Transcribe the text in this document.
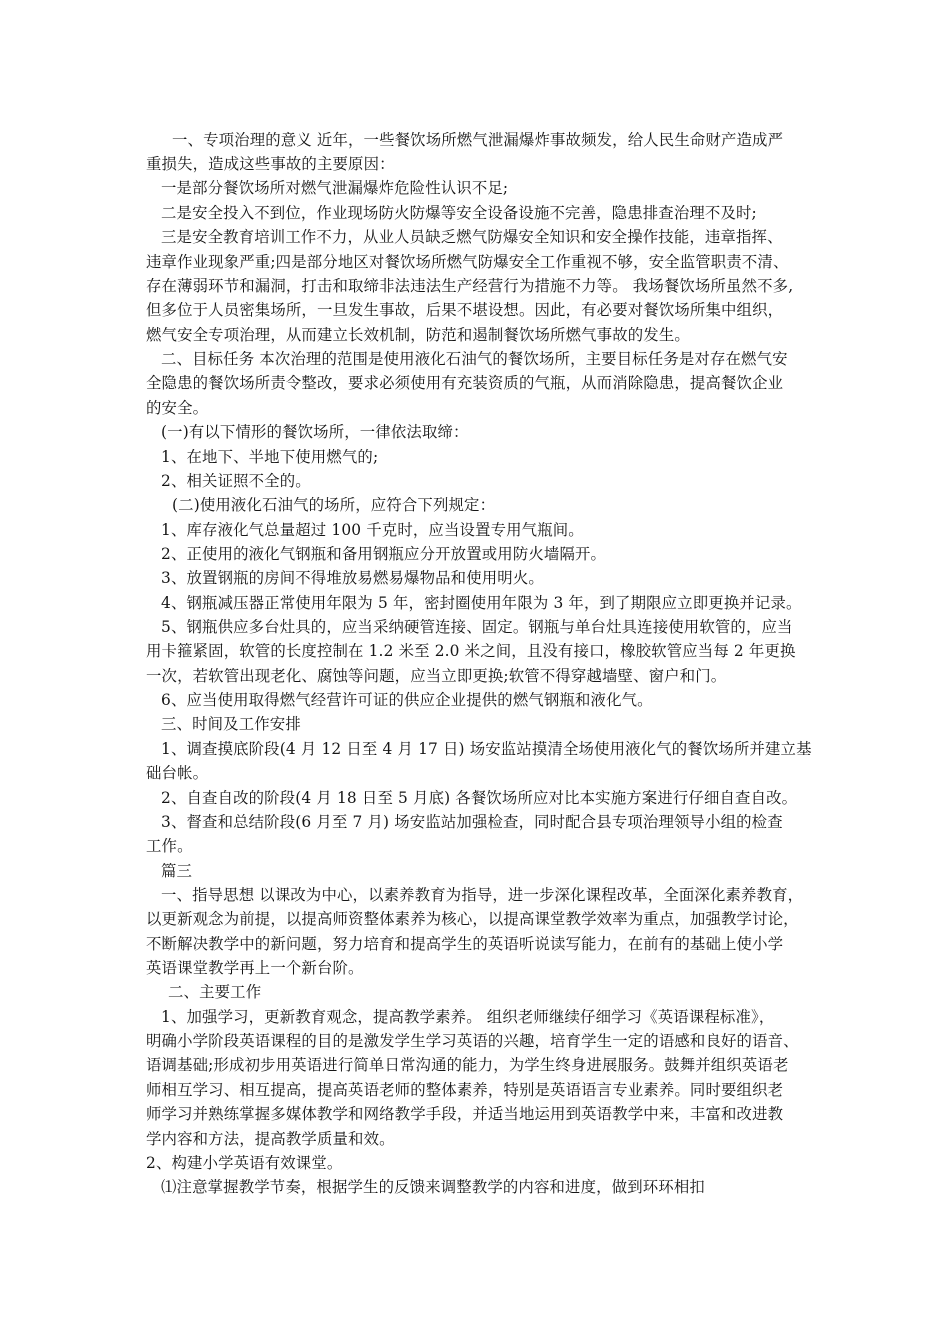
一、专项治理的意义 近年，一些餐饮场所燃气泄漏爆炸事故频发，给人民生命财产造成严
重损失，造成这些事故的主要原因：
一是部分餐饮场所对燃气泄漏爆炸危险性认识不足;
二是安全投入不到位，作业现场防火防爆等安全设备设施不完善，隐患排查治理不及时;
三是安全教育培训工作不力，从业人员缺乏燃气防爆安全知识和安全操作技能，违章指挥、
违章作业现象严重;四是部分地区对餐饮场所燃气防爆安全工作重视不够，安全监管职责不清、
存在薄弱环节和漏洞，打击和取缔非法违法生产经营行为措施不力等。 我场餐饮场所虽然不多,
但多位于人员密集场所，一旦发生事故，后果不堪设想。因此，有必要对餐饮场所集中组织，
燃气安全专项治理，从而建立长效机制，防范和遏制餐饮场所燃气事故的发生。
二、目标任务 本次治理的范围是使用液化石油气的餐饮场所，主要目标任务是对存在燃气安
全隐患的餐饮场所责令整改，要求必须使用有充装资质的气瓶，从而消除隐患，提高餐饮企业
的安全。
(一)有以下情形的餐饮场所，一律依法取缔：
1、在地下、半地下使用燃气的;
2、相关证照不全的。
(二)使用液化石油气的场所，应符合下列规定：
1、库存液化气总量超过 100 千克时，应当设置专用气瓶间。
2、正使用的液化气钢瓶和备用钢瓶应分开放置或用防火墙隔开。
3、放置钢瓶的房间不得堆放易燃易爆物品和使用明火。
4、钢瓶减压器正常使用年限为 5 年，密封圈使用年限为 3 年，到了期限应立即更换并记录。
5、钢瓶供应多台灶具的，应当采纳硬管连接、固定。钢瓶与单台灶具连接使用软管的，应当
用卡箍紧固，软管的长度控制在 1.2 米至 2.0 米之间，且没有接口，橡胶软管应当每 2 年更换
一次，若软管出现老化、腐蚀等问题，应当立即更换;软管不得穿越墙壁、窗户和门。
6、应当使用取得燃气经营许可证的供应企业提供的燃气钢瓶和液化气。
三、时间及工作安排
1、调查摸底阶段(4 月 12 日至 4 月 17 日) 场安监站摸清全场使用液化气的餐饮场所并建立基
础台帐。
2、自查自改的阶段(4 月 18 日至 5 月底) 各餐饮场所应对比本实施方案进行仔细自查自改。
3、督查和总结阶段(6 月至 7 月) 场安监站加强检查，同时配合县专项治理领导小组的检查
工作。
篇三
一、指导思想 以课改为中心，以素养教育为指导，进一步深化课程改革，全面深化素养教育，
以更新观念为前提，以提高师资整体素养为核心，以提高课堂教学效率为重点，加强教学讨论，
不断解决教学中的新问题，努力培育和提高学生的英语听说读写能力，在前有的基础上使小学
英语课堂教学再上一个新台阶。
二、主要工作
1、加强学习，更新教育观念，提高教学素养。 组织老师继续仔细学习《英语课程标准》，
明确小学阶段英语课程的目的是激发学生学习英语的兴趣，培育学生一定的语感和良好的语音、
语调基础;形成初步用英语进行简单日常沟通的能力，为学生终身进展服务。鼓舞并组织英语老
师相互学习、相互提高，提高英语老师的整体素养，特别是英语语言专业素养。同时要组织老
师学习并熟练掌握多媒体教学和网络教学手段，并适当地运用到英语教学中来，丰富和改进教
学内容和方法，提高教学质量和效。
2、构建小学英语有效课堂。
⑴注意掌握教学节奏，根据学生的反馈来调整教学的内容和进度，做到环环相扣
